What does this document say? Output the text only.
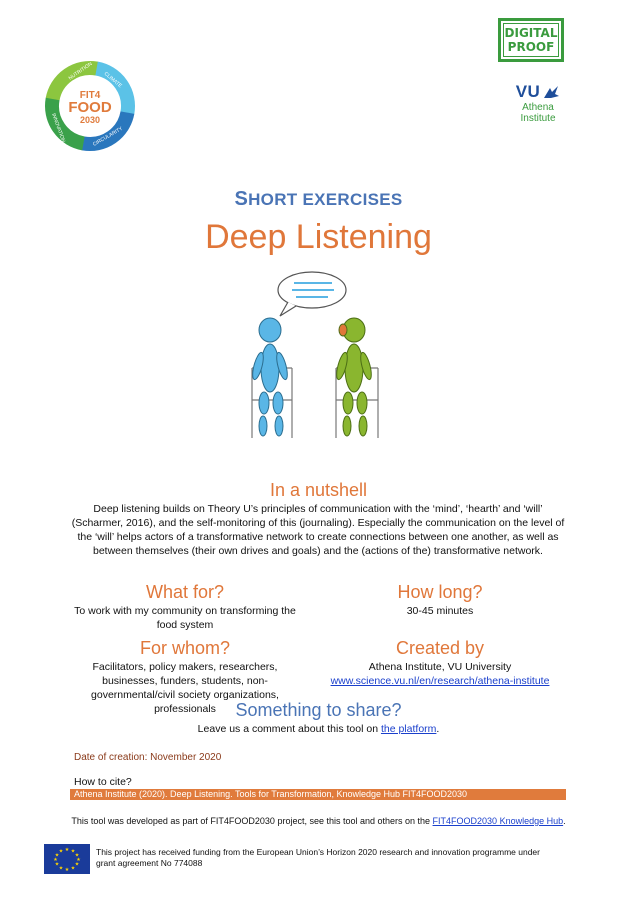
FIT4
FOOD
2030
NUTRITION CLIMATE
CIRCULARITY
INNOVATION
DIGITAL
PROOF
VU
Athena
Institute
SHORT EXERCISES
Deep Listening
In a nutshell
Deep listening builds on Theory U’s principles of communication with the ‘mind’, ‘hearth’ and ‘will’ (Scharmer, 2016), and the self-monitoring of this (journaling). Especially the communication on the level of the ‘will’ helps actors of a transformative network to create connections between one another, as well as between themselves (their own drives and goals) and the (actions of the) transformative network.
What for?
To work with my community on transforming the food system
How long?
30-45 minutes
For whom?
Facilitators, policy makers, researchers, businesses, funders, students, non-governmental/civil society organizations, professionals
Created by
Athena Institute, VU University
www.science.vu.nl/en/research/athena-institute
Something to share?
Leave us a comment about this tool on the platform.
Date of creation: November 2020
How to cite?
Athena Institute (2020). Deep Listening. Tools for Transformation, Knowledge Hub FIT4FOOD2030
This tool was developed as part of FIT4FOOD2030 project, see this tool and others on the FIT4FOOD2030 Knowledge Hub.
★ ★
★
★
★
★
★
★
★
★
★
★	This project has received funding from the European Union’s Horizon 2020 research and innovation programme under grant agreement No 774088
